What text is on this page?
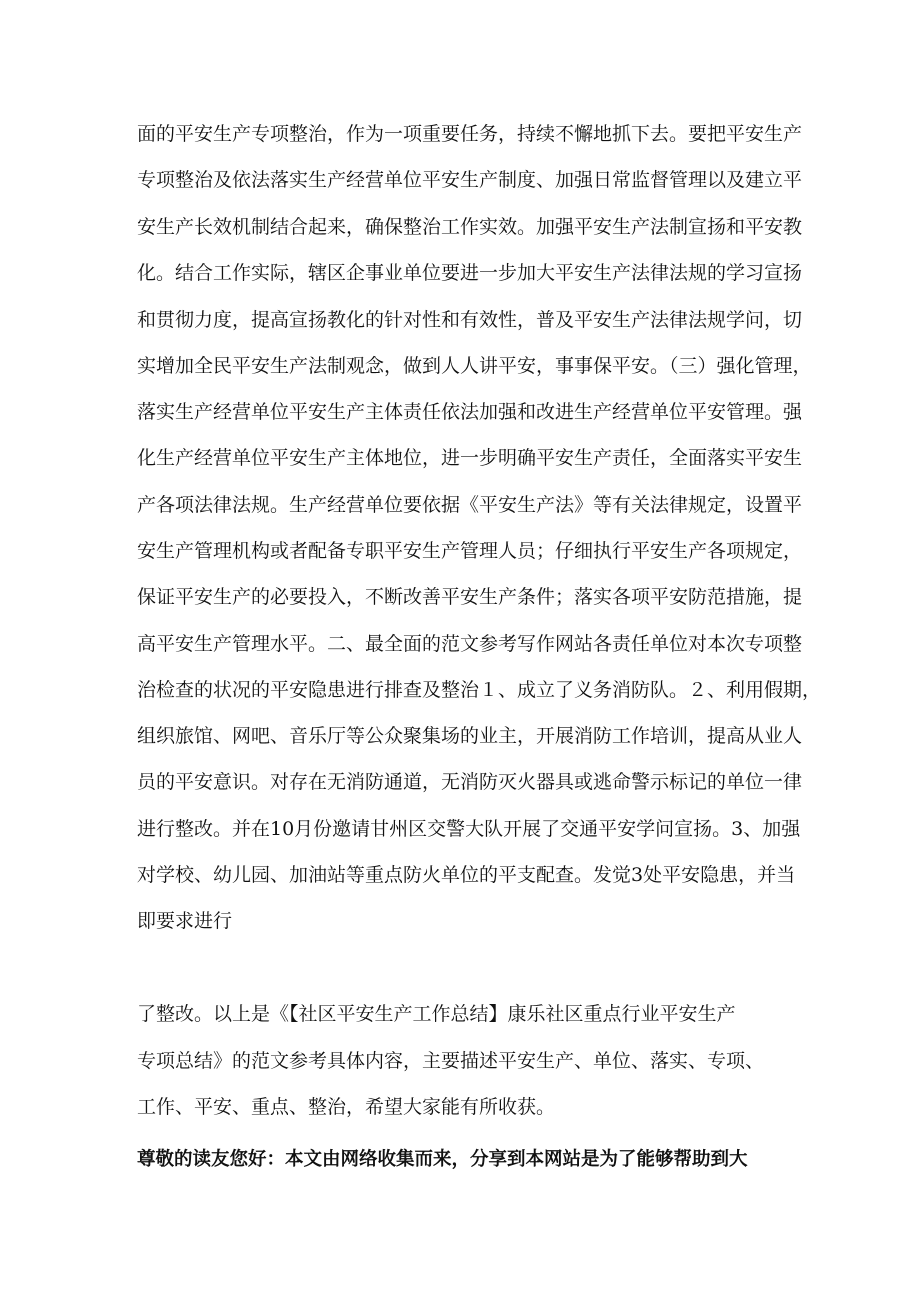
面的平安生产专项整治，作为一项重要任务，持续不懈地抓下去。要把平安生产
专项整治及依法落实生产经营单位平安生产制度、加强日常监督管理以及建立平
安生产长效机制结合起来，确保整治工作实效。加强平安生产法制宣扬和平安教
化。结合工作实际，辖区企事业单位要进一步加大平安生产法律法规的学习宣扬
和贯彻力度，提高宣扬教化的针对性和有效性，普及平安生产法律法规学问，切
实增加全民平安生产法制观念，做到人人讲平安，事事保平安。（三）强化管理，
落实生产经营单位平安生产主体责任依法加强和改进生产经营单位平安管理。强
化生产经营单位平安生产主体地位，进一步明确平安生产责任，全面落实平安生
产各项法律法规。生产经营单位要依据《平安生产法》等有关法律规定，设置平
安生产管理机构或者配备专职平安生产管理人员；仔细执行平安生产各项规定，
保证平安生产的必要投入，不断改善平安生产条件；落实各项平安防范措施，提
高平安生产管理水平。二、最全面的范文参考写作网站各责任单位对本次专项整
治检查的状况的平安隐患进行排查及整治１、成立了义务消防队。２、利用假期，
组织旅馆、网吧、音乐厅等公众聚集场的业主，开展消防工作培训，提高从业人
员的平安意识。对存在无消防通道，无消防灭火器具或逃命警示标记的单位一律
进行整改。并在10月份邀请甘州区交警大队开展了交通平安学问宣扬。3、加强
对学校、幼儿园、加油站等重点防火单位的平支配查。发觉3处平安隐患，并当
即要求进行
了整改。以上是《【社区平安生产工作总结】康乐社区重点行业平安生产
专项总结》的范文参考具体内容，主要描述平安生产、单位、落实、专项、
工作、平安、重点、整治，希望大家能有所收获。
尊敬的读友您好：本文由网络收集而来，分享到本网站是为了能够帮助到大
